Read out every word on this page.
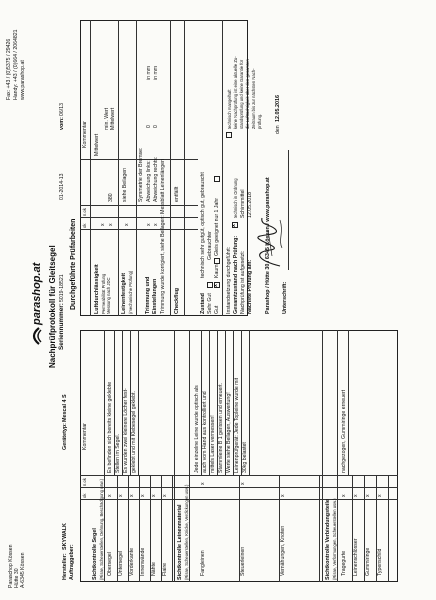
Paraschop Kössen Hütte 30 A-6345 Kössen
Fax: +43 / (0)5375 / 29426 Handy: +43 / (0)664 / 2064821 www.parashop.at
parashop.at Nachprüfprotokoll für Gleitsegel Seriennummer:
5019-18521
01-2014-13
vom:
06/13
Hersteller:
SKYWALK
Auftraggeber:
Gerätetyp:
Mescal 4 S
Durchgeführte Prüfarbeiten
ok
n.ok
Kommentar
Sichtkontrolle Segel (Risse, Scheuerstellen, Dehnung, Beschädigung usw.) Obersegel
x
Untersegel
x
Vorderkante
x
Innenwände
x
Nähte
x
Flaire
x
Es befinden sich bereits kleine geklebte Stellen im Segel. Es wurden zwei kleinere Löcher fest- geklebt und mit Klebesegel geklebt.
Sichtkontrolle Leinenmaterial (Risse, Scheuerstellen, Knicke, Verdickungen usw.) Fangleinen
x
Steuerleinen
x
Vernähungen, Knoten
x
Jede einzelne Leine wurde optisch als auch vom Hand aus kontrolliert und mittels Laser vermessen! Stammleine B 1 gerissen und erneuert. Werte siehe Beilagen, Auswertung! Leinenprüfgerät: Jede Topleine wurde mit 30kg belastet
Sichtkontrolle Verbindungsteile (Risse, Verformungen, Scheuerstellen usw.) Tragegurte
x
Leinenschlösser
x
Gummiringe
x
Typenschild
x
nachgezogen, Gummiringe erneuert
ok
n.ok
Kommentar
Luftdurchlässigkeit Permeabilität Prüfung Messung nach JDC
x x
380
Mittelwert
min. Wert Mittelwert
Leinenfestigkeit (mechanische Prüfung)
x
siehe Beilagen Symmetrie der Bremse:
Trimmung und Einstellungen
x x
Abweichung links:
0
in mm
Abweichung rechts:
0
in mm
Trimmung wurde korrigiert, siehe Beilagen: Messblatt Leinenlängen Checkflug
entfällt
Zustand Sehr Gut Gut
x
technisch sehr gutgüt, optisch gut, gebrauscht Gebrauchter
Kaum
Gleis geeignet nur 1 Jahr
Instandsetzung durchgeführt: Gesamtzustand nach Prüfung: Nachprüfung ist aufgesetzt: Nächste Prüfung am:
x
technisch in Ordnung Schirmmittel 12.05.2018
technisch mangelhaft keine Nachprüfung ist eine aktuelle Zu- standsprüfung und keine Garantie für die Lufttüchtigkeit über den gesamten Zeitraum bis zur nächsten Nach- prüfung.
Parashop / Hütte 30 / 6345 Kössen / www.parashop.at
den
12.05.2016
Unterschrift:
